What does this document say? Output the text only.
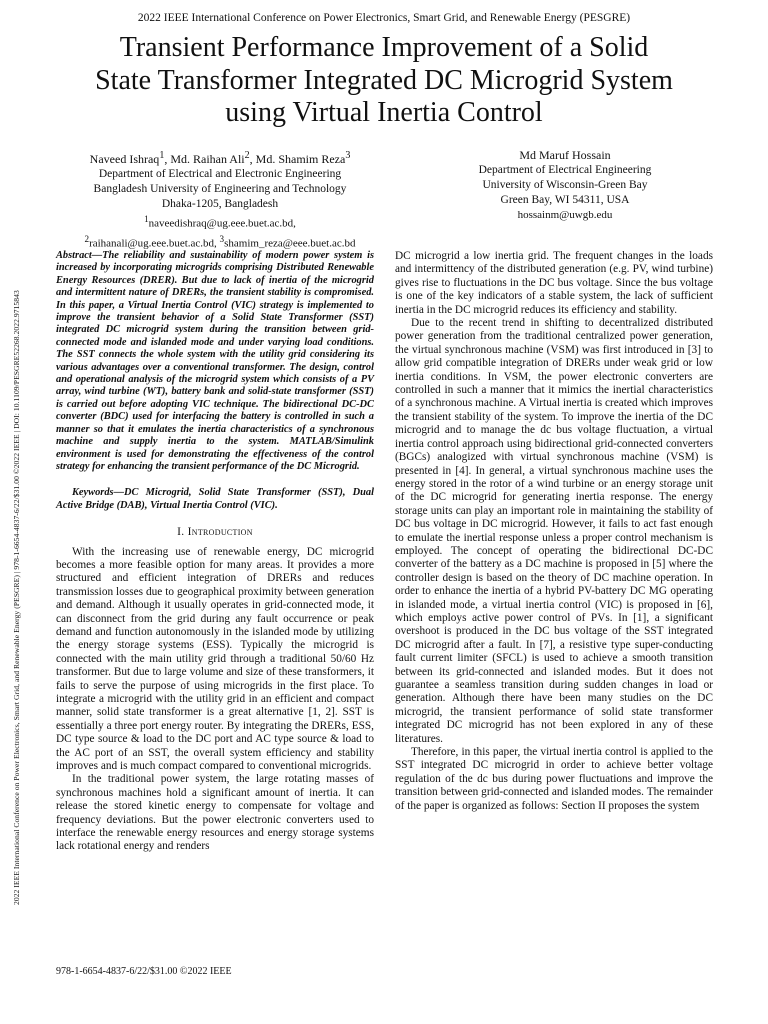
2022 IEEE International Conference on Power Electronics, Smart Grid, and Renewable Energy (PESGRE)
Transient Performance Improvement of a Solid
State Transformer Integrated DC Microgrid System
using Virtual Inertia Control
2022 IEEE International Conference on Power Electronics, Smart Grid, and Renewable Energy (PESGRE) | 978-1-6654-4837-6/22/$31.00 ©2022 IEEE | DOI: 10.1109/PESGRE52268.2022.9715843
Naveed Ishraq$^1$, Md. Raihan Ali$^2$, Md. Shamim Reza$^3$
Department of Electrical and Electronic Engineering
Bangladesh University of Engineering and Technology
Dhaka-1205, Bangladesh
$^1$naveedishraq@ug.eee.buet.ac.bd,
$^2$raihanali@ug.eee.buet.ac.bd, $^3$shamim_reza@eee.buet.ac.bd
Md Maruf Hossain
Department of Electrical Engineering
University of Wisconsin-Green Bay
Green Bay, WI 54311, USA
hossainm@uwgb.edu

Abstract—The reliability and sustainability of modern power system is increased by incorporating microgrids comprising Distributed Renewable Energy Resources (DRER). But due to lack of inertia of the microgrid and intermittent nature of DRERs, the transient stability is compromised. In this paper, a Virtual Inertia Control (VIC) strategy is implemented to improve the transient behavior of a Solid State Transformer (SST) integrated DC microgrid system during the transition between grid-connected mode and islanded mode and under varying load conditions. The SST connects the whole system with the utility grid considering its various advantages over a conventional transformer. The design, control and operational analysis of the microgrid system which consists of a PV array, wind turbine (WT), battery bank and solid-state transformer (SST) is carried out before adopting VIC technique. The bidirectional DC-DC converter (BDC) used for interfacing the battery is controlled in such a manner so that it emulates the inertia characteristics of a synchronous machine and supply inertia to the system. MATLAB/Simulink environment is used for demonstrating the effectiveness of the control strategy for enhancing the transient performance of the DC Microgrid.

Keywords—DC Microgrid, Solid State Transformer (SST), Dual Active Bridge (DAB), Virtual Inertia Control (VIC).

I. Introduction

With the increasing use of renewable energy, DC microgrid becomes a more feasible option for many areas. It provides a more structured and efficient integration of DRERs and reduces transmission losses due to geographical proximity between generation and demand. Although it usually operates in grid-connected mode, it can disconnect from the grid during any fault occurrence or peak demand and function autonomously in the islanded mode by utilizing the energy storage systems (ESS). Typically the microgrid is connected with the main utility grid through a traditional 50/60 Hz transformer. But due to large volume and size of these transformers, it fails to serve the purpose of using microgrids in the first place. To integrate a microgrid with the utility grid in an efficient and compact manner, solid state transformer is a great alternative [1, 2]. SST is essentially a three port energy router. By integrating the DRERs, ESS, DC type source & load to the DC port and AC type source & load to the AC port of an SST, the overall system efficiency and stability improves and is much compact compared to conventional microgrids.

In the traditional power system, the large rotating masses of synchronous machines hold a significant amount of inertia. It can release the stored kinetic energy to compensate for voltage and frequency deviations. But the power electronic converters used to interface the renewable energy resources and energy storage systems lack rotational energy and renders

DC microgrid a low inertia grid. The frequent changes in the loads and intermittency of the distributed generation (e.g. PV, wind turbine) gives rise to fluctuations in the DC bus voltage. Since the bus voltage is one of the key indicators of a stable system, the lack of sufficient inertia in the DC microgrid reduces its efficiency and stability.

Due to the recent trend in shifting to decentralized distributed power generation from the traditional centralized power generation, the virtual synchronous machine (VSM) was first introduced in [3] to allow grid compatible integration of DRERs under weak grid or low inertia conditions. In VSM, the power electronic converters are controlled in such a manner that it mimics the inertial characteristics of a synchronous machine. A Virtual inertia is created which improves the transient stability of the system. To improve the inertia of the DC microgrid and to manage the dc bus voltage fluctuation, a virtual inertia control approach using bidirectional grid-connected converters (BGCs) analogized with virtual synchronous machine (VSM) is presented in [4]. In general, a virtual synchronous machine uses the energy stored in the rotor of a wind turbine or an energy storage unit of the DC microgrid for generating inertia response. The energy storage units can play an important role in maintaining the stability of DC bus voltage in DC microgrid. However, it fails to act fast enough to emulate the inertial response unless a proper control mechanism is employed. The concept of operating the bidirectional DC-DC converter of the battery as a DC machine is proposed in [5] where the controller design is based on the theory of DC machine operation. In order to enhance the inertia of a hybrid PV-battery DC MG operating in islanded mode, a virtual inertia control (VIC) is proposed in [6], which employs active power control of PVs. In [1], a significant overshoot is produced in the DC bus voltage of the SST integrated DC microgrid after a fault. In [7], a resistive type super-conducting fault current limiter (SFCL) is used to achieve a smooth transition between its grid-connected and islanded modes. But it does not guarantee a seamless transition during sudden changes in load or generation. Although there have been many studies on the DC microgrid, the transient performance of solid state transformer integrated DC microgrid has not been explored in any of these literatures.

Therefore, in this paper, the virtual inertia control is applied to the SST integrated DC microgrid in order to achieve better voltage regulation of the dc bus during power fluctuations and improve the transition between grid-connected and islanded modes. The remainder of the paper is organized as follows: Section II proposes the system

978-1-6654-4837-6/22/$31.00 ©2022 IEEE
